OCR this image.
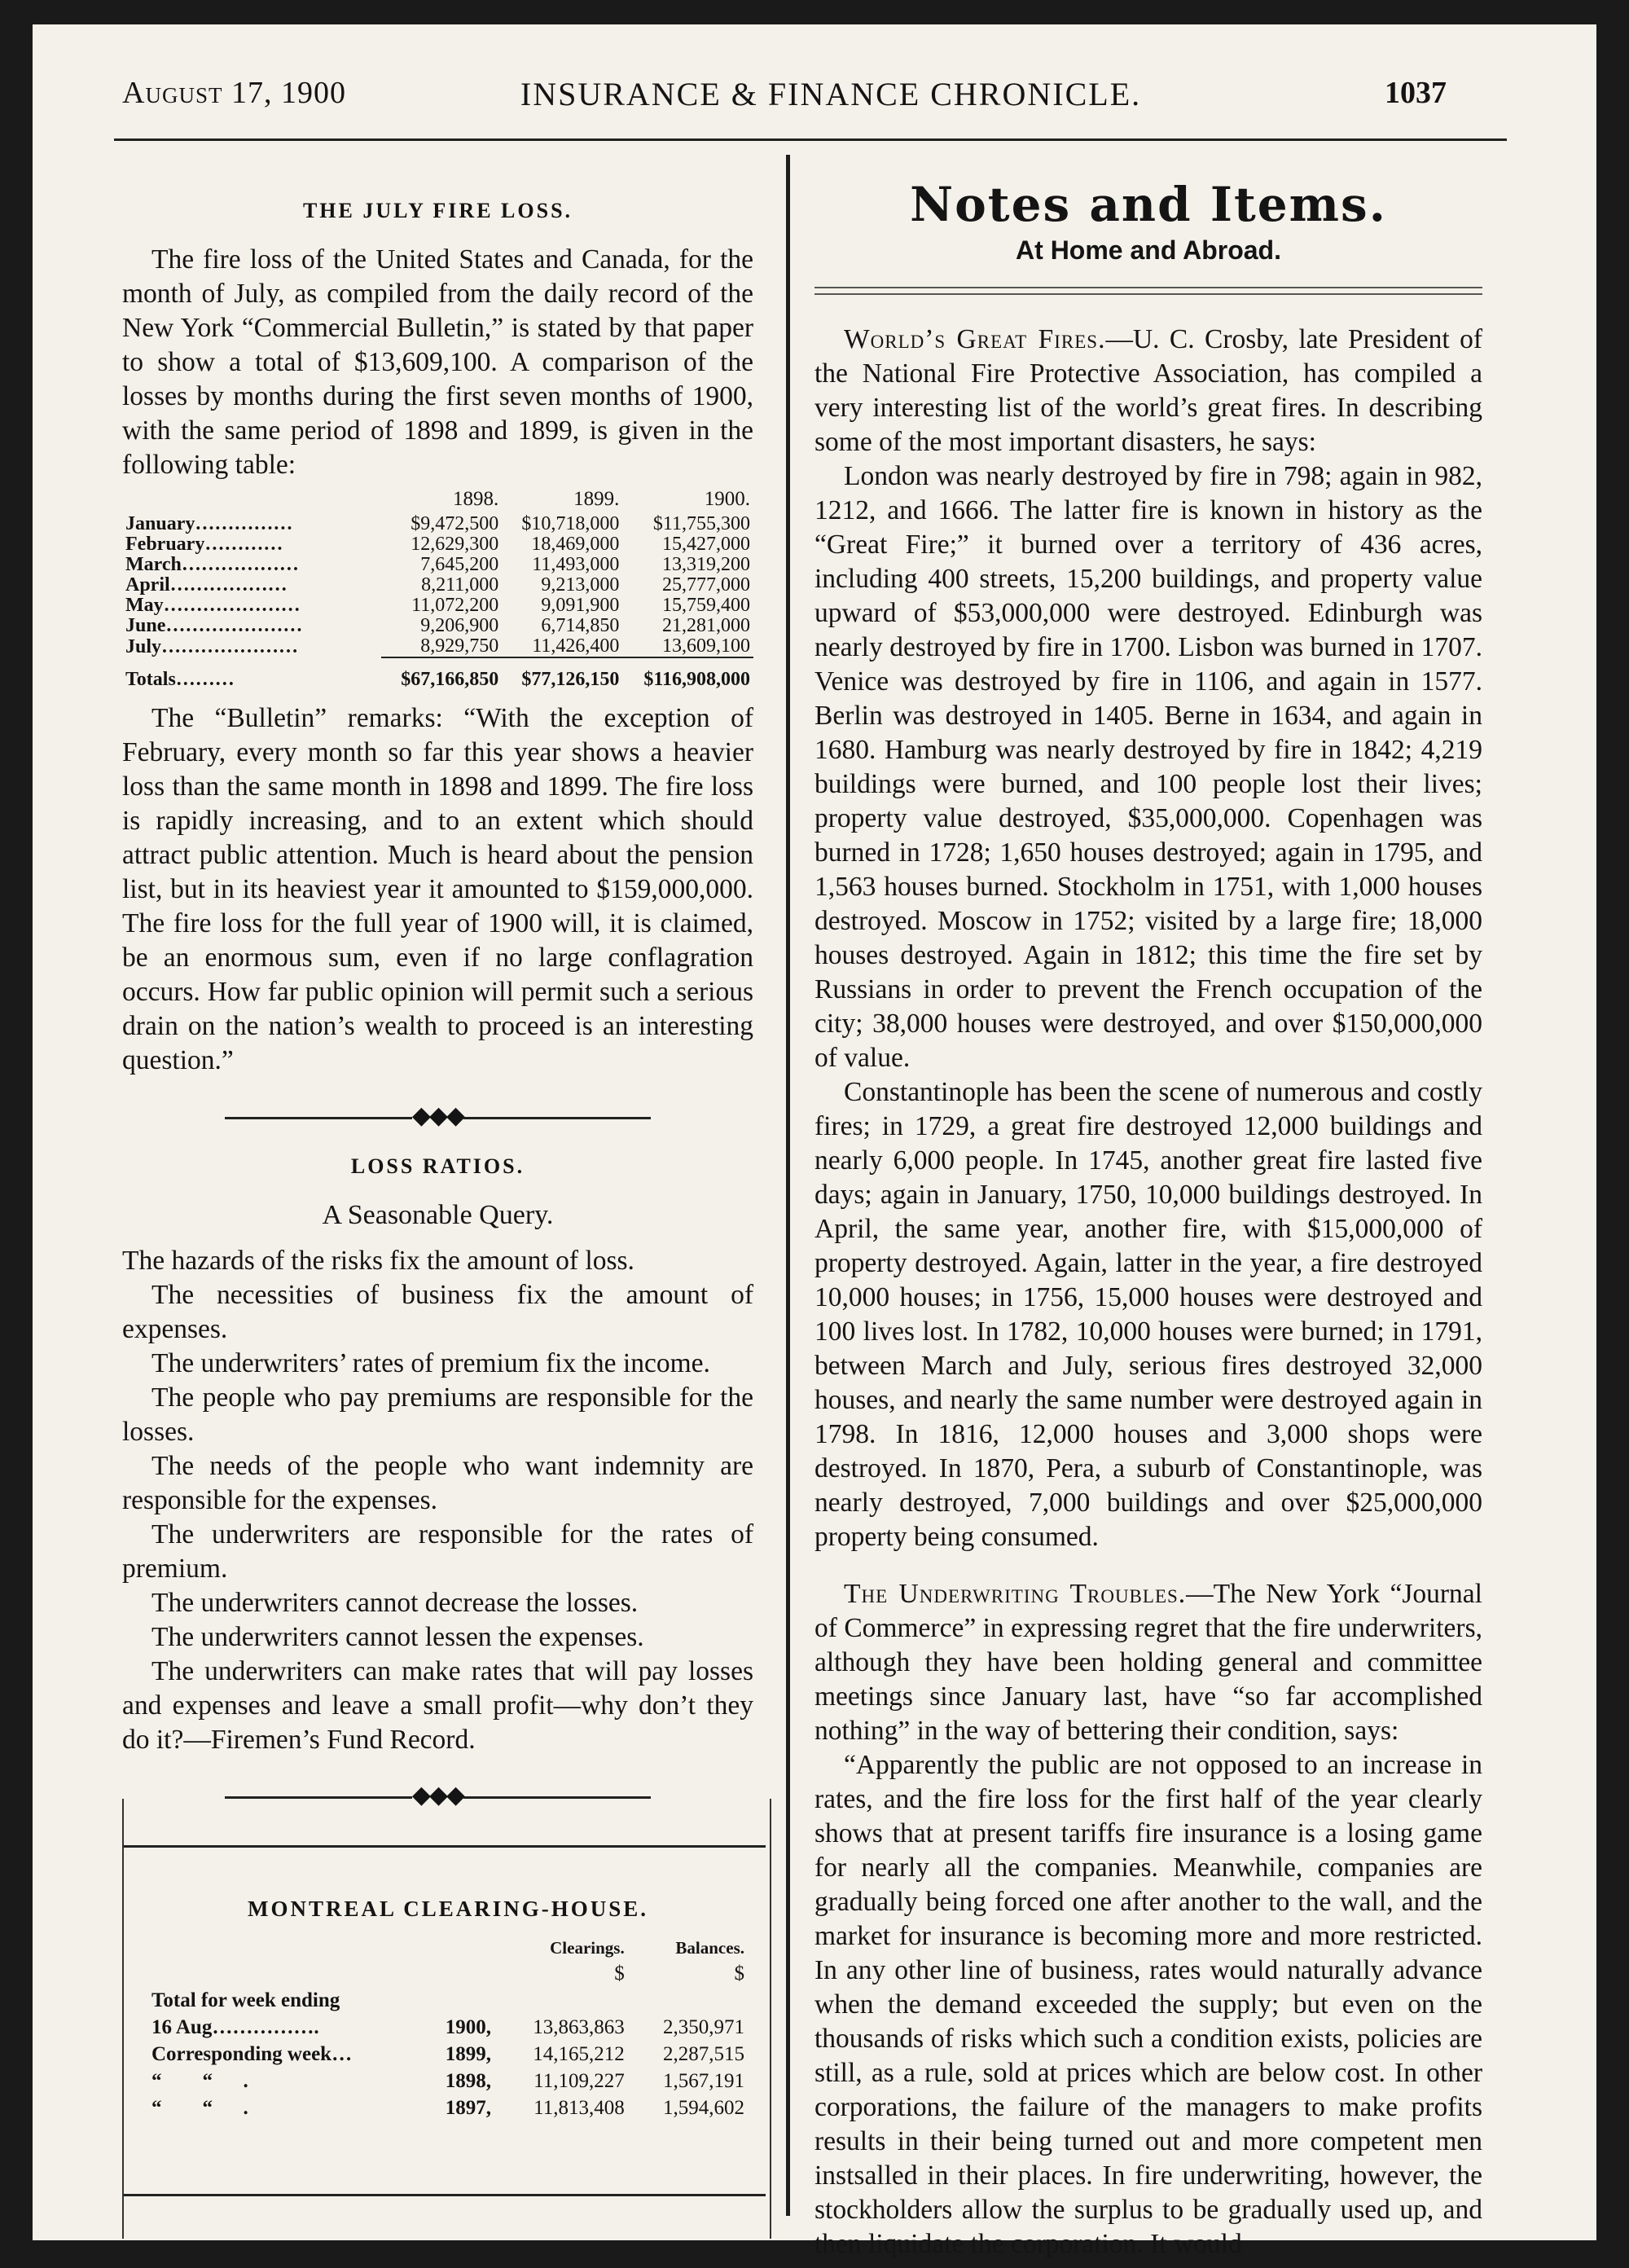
August 17, 1900	INSURANCE & FINANCE CHRONICLE.	1037
THE JULY FIRE LOSS.

The fire loss of the United States and Canada, for the month of July, as compiled from the daily record of the New York “Commercial Bulletin,” is stated by that paper to show a total of $13,609,100. A comparison of the losses by months during the first seven months of 1900, with the same period of 1898 and 1899, is given in the following table:

	1898.	1899.	1900.
January……………	$9,472,500	$10,718,000	$11,755,300
February…………	12,629,300	18,469,000	15,427,000
March………………	7,645,200	11,493,000	13,319,200
April………………	8,211,000	9,213,000	25,777,000
May…………………	11,072,200	9,091,900	15,759,400
June…………………	9,206,900	6,714,850	21,281,000
July…………………	8,929,750	11,426,400	13,609,100
Totals………	$67,166,850	$77,126,150	$116,908,000

The “Bulletin” remarks: “With the exception of February, every month so far this year shows a heavier loss than the same month in 1898 and 1899. The fire loss is rapidly increasing, and to an extent which should attract public attention. Much is heard about the pension list, but in its heaviest year it amounted to $159,000,000. The fire loss for the full year of 1900 will, it is claimed, be an enormous sum, even if no large conflagration occurs. How far public opinion will permit such a serious drain on the nation’s wealth to proceed is an interesting question.”

◆◆◆
LOSS RATIOS.
A Seasonable Query.

The hazards of the risks fix the amount of loss.

The necessities of business fix the amount of expenses.

The underwriters’ rates of premium fix the income.

The people who pay premiums are responsible for the losses.

The needs of the people who want indemnity are responsible for the expenses.

The underwriters are responsible for the rates of premium.

The underwriters cannot decrease the losses.

The underwriters cannot lessen the expenses.

The underwriters can make rates that will pay losses and expenses and leave a small profit—why don’t they do it?—Firemen’s Fund Record.

◆◆◆
MONTREAL CLEARING-HOUSE.
		Clearings.	Balances.
		$	$
Total for week ending			
16 Aug…………….	1900,	13,863,863	2,350,971
Corresponding week…	1899,	14,165,212	2,287,515
“        “      .	1898,	11,109,227	1,567,191
“        “      .	1897,	11,813,408	1,594,602
Notes and Items.
At Home and Abroad.

World’s Great Fires.—U. C. Crosby, late President of the National Fire Protective Association, has compiled a very interesting list of the world’s great fires. In describing some of the most important disasters, he says:

London was nearly destroyed by fire in 798; again in 982, 1212, and 1666. The latter fire is known in history as the “Great Fire;” it burned over a territory of 436 acres, including 400 streets, 15,200 buildings, and property value upward of $53,000,000 were destroyed. Edinburgh was nearly destroyed by fire in 1700. Lisbon was burned in 1707. Venice was destroyed by fire in 1106, and again in 1577. Berlin was destroyed in 1405. Berne in 1634, and again in 1680. Hamburg was nearly destroyed by fire in 1842; 4,219 buildings were burned, and 100 people lost their lives; property value destroyed, $35,000,000. Copenhagen was burned in 1728; 1,650 houses destroyed; again in 1795, and 1,563 houses burned. Stockholm in 1751, with 1,000 houses destroyed. Moscow in 1752; visited by a large fire; 18,000 houses destroyed. Again in 1812; this time the fire set by Russians in order to prevent the French occupation of the city; 38,000 houses were destroyed, and over $150,000,000 of value.

Constantinople has been the scene of numerous and costly fires; in 1729, a great fire destroyed 12,000 buildings and nearly 6,000 people. In 1745, another great fire lasted five days; again in January, 1750, 10,000 buildings destroyed. In April, the same year, another fire, with $15,000,000 of property destroyed. Again, latter in the year, a fire destroyed 10,000 houses; in 1756, 15,000 houses were destroyed and 100 lives lost. In 1782, 10,000 houses were burned; in 1791, between March and July, serious fires destroyed 32,000 houses, and nearly the same number were destroyed again in 1798. In 1816, 12,000 houses and 3,000 shops were destroyed. In 1870, Pera, a suburb of Constantinople, was nearly destroyed, 7,000 buildings and over $25,000,000 property being consumed.

The Underwriting Troubles.—The New York “Journal of Commerce” in expressing regret that the fire underwriters, although they have been holding general and committee meetings since January last, have “so far accomplished nothing” in the way of bettering their condition, says:

“Apparently the public are not opposed to an increase in rates, and the fire loss for the first half of the year clearly shows that at present tariffs fire insurance is a losing game for nearly all the companies. Meanwhile, companies are gradually being forced one after another to the wall, and the market for insurance is becoming more and more restricted. In any other line of business, rates would naturally advance when the demand exceeded the supply; but even on the thousands of risks which such a condition exists, policies are still, as a rule, sold at prices which are below cost. In other corporations, the failure of the managers to make profits results in their being turned out and more competent men instsalled in their places. In fire underwriting, however, the stockholders allow the surplus to be gradually used up, and then liquidate the corporation. It would
